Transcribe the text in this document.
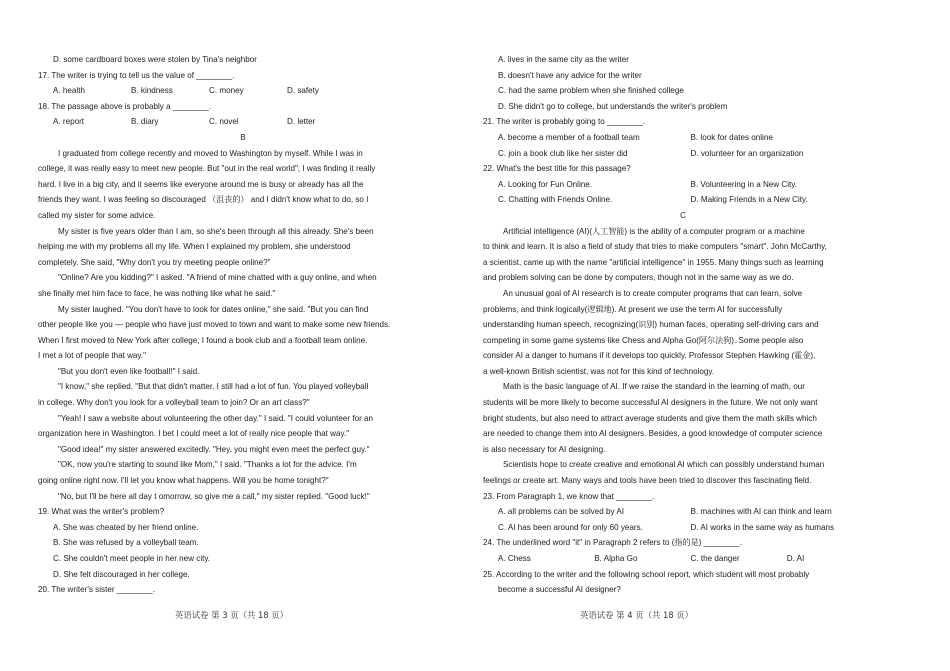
D. some cardboard boxes were stolen by Tina's neighbor
17. The writer is trying to tell us the value of ________.
A. health	B. kindness	C. money	D. safety
18. The passage above is probably a ________.
A. report	B. diary	C. novel	D. letter
B
I graduated from college recently and moved to Washington by myself. While I was in
college, it was really easy to meet new people. But "out in the real world", I was finding it really
hard. I live in a big city, and it seems like everyone around me is busy or already has all the
friends they want. I was feeling so discouraged （沮丧的） and I didn't know what to do, so I
called my sister for some advice.
My sister is five years older than I am, so she's been through all this already. She's been
helping me with my problems all my life. When I explained my problem, she understood
completely. She said, "Why don't you try meeting people online?"
"Online? Are you kidding?" I asked. "A friend of mine chatted with a guy online, and when
she finally met him face to face, he was nothing like what he said."
My sister laughed. "You don't have to look for dates online," she said. "But you can find
other people like you — people who have just moved to town and want to make some new friends.
When I first moved to New York after college, I found a book club and a football team online.
I met a lot of people that way."
"But you don't even like football!" I said.
"I know," she replied. "But that didn't matter. I still had a lot of fun. You played volleyball
in college. Why don't you look for a volleyball team to join? Or an art class?"
"Yeah! I saw a website about volunteering the other day." I said. "I could volunteer for an
organization here in Washington. I bet I could meet a lot of really nice people that way."
"Good idea!" my sister answered excitedly. "Hey, you might even meet the perfect guy."
"OK, now you're starting to sound like Mom," I said. "Thanks a lot for the advice. I'm
going online right now. I'll let you know what happens. Will you be home tonight?"
"No, but I'll be here all day t omorrow, so give me a call," my sister replied. "Good luck!"
19. What was the writer's problem?
A. She was cheated by her friend online.
B. She was refused by a volleyball team.
C. She couldn't meet people in her new city.
D. She felt discouraged in her college.
20. The writer's sister ________.
A. lives in the same city as the writer
B. doesn't have any advice for the writer
C. had the same problem when she finished college
D. She didn't go to college, but understands the writer's problem
21. The writer is probably going to ________.
A. become a member of a football team	B. look for dates online
C. join a book club like her sister did	D. volunteer for an organization
22. What's the best title for this passage?
A. Looking for Fun Online.	B. Volunteering in a New City.
C. Chatting with Friends Online.	D. Making Friends in a New City.
C
Artificial intelligence (AI)(人工智能) is the ability of a computer program or a machine
to think and learn. It is also a field of study that tries to make computers "smart". John McCarthy,
a scientist, came up with the name "artificial intelligence" in 1955. Many things such as learning
and problem solving can be done by computers, though not in the same way as we do.
An unusual goal of AI research is to create computer programs that can learn, solve
problems, and think logically(逻辑地). At present we use the term AI for successfully
understanding human speech, recognizing(识别) human faces, operating self-driving cars and
competing in some game systems like Chess and Alpha Go(阿尔法狗). Some people also
consider AI a danger to humans if it develops too quickly. Professor Stephen Hawking (霍金),
a well-known British scientist, was not for this kind of technology.
Math is the basic language of AI. If we raise the standard in the learning of math, our
students will be more likely to become successful AI designers in the future. We not only want
bright students, but also need to attract average students and give them the math skills which
are needed to change them into AI designers. Besides, a good knowledge of computer science
is also necessary for AI designing.
Scientists hope to create creative and emotional AI which can possibly understand human
feelings or create art. Many ways and tools have been tried to discover this fascinating field.
23. From Paragraph 1, we know that ________.
A. all problems can be solved by AI	B. machines with AI can think and learn
C. AI has been around for only 60 years.	D. AI works in the same way as humans
24. The underlined word "it" in Paragraph 2 refers to (指的是) ________.
A. Chess	B. Alpha Go	C. the danger	D. AI
25. According to the writer and the following school report, which student will most probably
become a successful AI designer?
英语试卷 第 3 页（共 18 页）	英语试卷 第 4 页（共 18 页）
